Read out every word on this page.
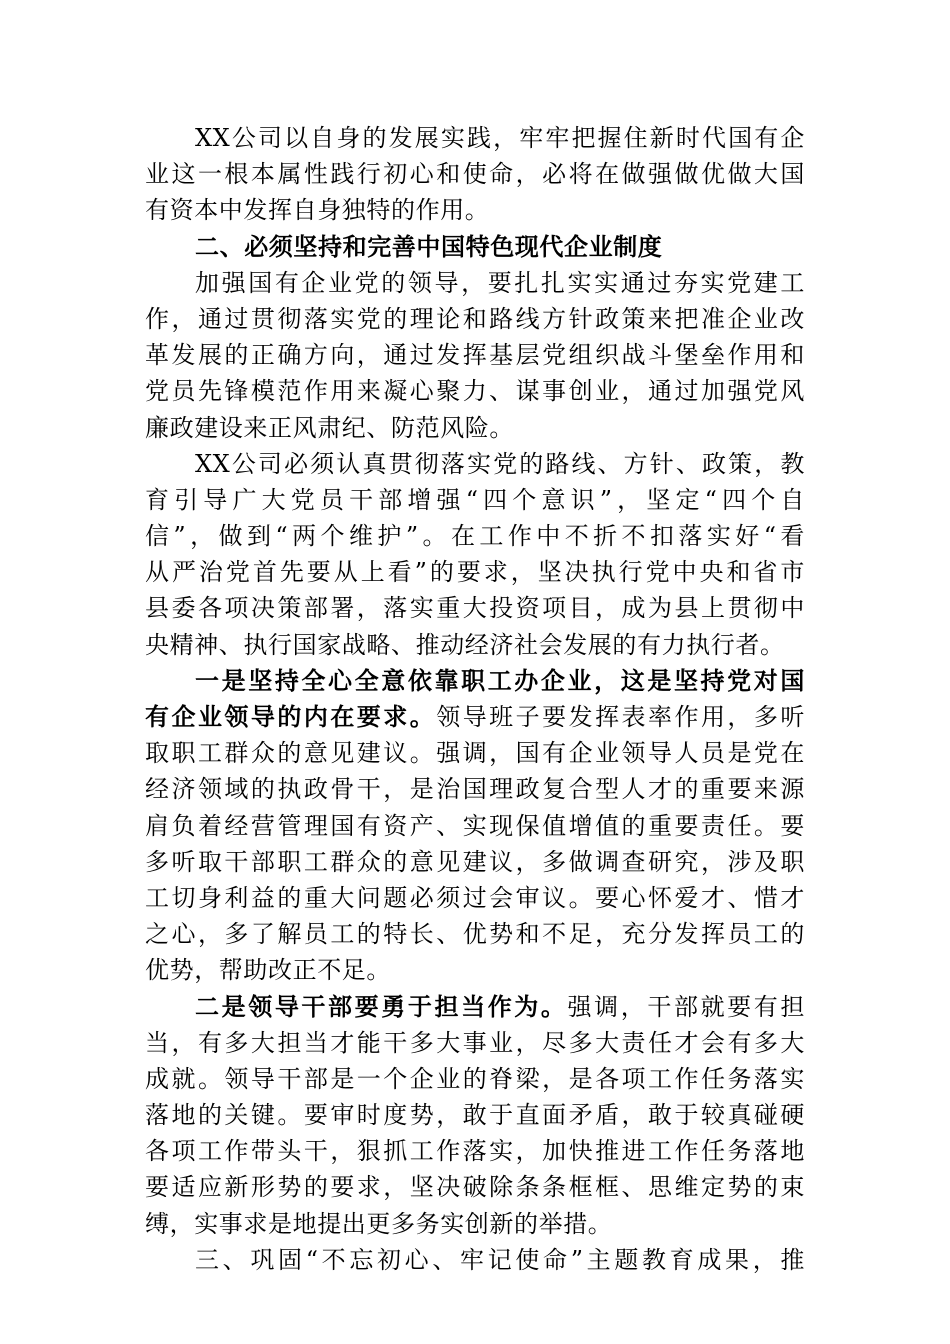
XX公司以自身的发展实践，牢牢把握住新时代国有企
业这一根本属性践行初心和使命，必将在做强做优做大国
有资本中发挥自身独特的作用。
二、必须坚持和完善中国特色现代企业制度
加强国有企业党的领导，要扎扎实实通过夯实党建工
作，通过贯彻落实党的理论和路线方针政策来把准企业改
革发展的正确方向，通过发挥基层党组织战斗堡垒作用和
党员先锋模范作用来凝心聚力、谋事创业，通过加强党风
廉政建设来正风肃纪、防范风险。
XX公司必须认真贯彻落实党的路线、方针、政策，教
育引导广大党员干部增强“四个意识”，坚定“四个自
信”，做到“两个维护”。在工作中不折不扣落实好“看
从严治党首先要从上看”的要求，坚决执行党中央和省市
县委各项决策部署，落实重大投资项目，成为县上贯彻中
央精神、执行国家战略、推动经济社会发展的有力执行者。
一是坚持全心全意依靠职工办企业，这是坚持党对国
有企业领导的内在要求。领导班子要发挥表率作用，多听
取职工群众的意见建议。强调，国有企业领导人员是党在
经济领域的执政骨干，是治国理政复合型人才的重要来源
肩负着经营管理国有资产、实现保值增值的重要责任。要
多听取干部职工群众的意见建议，多做调查研究，涉及职
工切身利益的重大问题必须过会审议。要心怀爱才、惜才
之心，多了解员工的特长、优势和不足，充分发挥员工的
优势，帮助改正不足。
二是领导干部要勇于担当作为。强调，干部就要有担
当，有多大担当才能干多大事业，尽多大责任才会有多大
成就。领导干部是一个企业的脊梁，是各项工作任务落实
落地的关键。要审时度势，敢于直面矛盾，敢于较真碰硬
各项工作带头干，狠抓工作落实，加快推进工作任务落地
要适应新形势的要求，坚决破除条条框框、思维定势的束
缚，实事求是地提出更多务实创新的举措。
三、巩固“不忘初心、牢记使命”主题教育成果，推
